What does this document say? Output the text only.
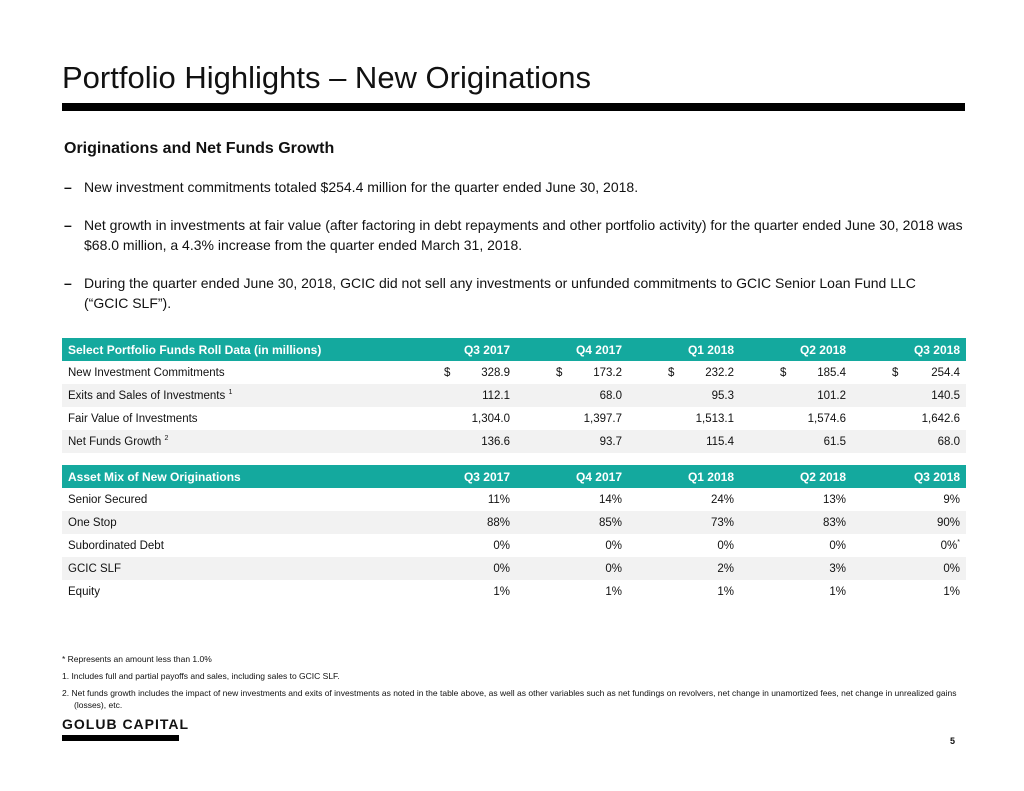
Portfolio Highlights – New Originations
Originations and Net Funds Growth
– New investment commitments totaled $254.4 million for the quarter ended June 30, 2018.
– Net growth in investments at fair value (after factoring in debt repayments and other portfolio activity) for the quarter ended June 30, 2018 was $68.0 million, a 4.3% increase from the quarter ended March 31, 2018.
– During the quarter ended June 30, 2018, GCIC did not sell any investments or unfunded commitments to GCIC Senior Loan Fund LLC (“GCIC SLF”).
Select Portfolio Funds Roll Data (in millions)	Q3 2017	Q4 2017	Q1 2018	Q2 2018	Q3 2018
New Investment Commitments	$ 328.9	$ 173.2	$ 232.2	$ 185.4	$ 254.4

Exits and Sales of Investments $^1$	112.1	68.0	95.3	101.2	140.5
Fair Value of Investments	1,304.0	1,397.7	1,513.1	1,574.6	1,642.6
Net Funds Growth $^2$	136.6	93.7	115.4	61.5	68.0
Asset Mix of New Originations	Q3 2017	Q4 2017	Q1 2018	Q2 2018	Q3 2018
Senior Secured	11%	14%	24%	13%	9%
One Stop	88%	85%	73%	83%	90%
Subordinated Debt	0%	0%	0%	0%	0%*
GCIC SLF	0%	0%	2%	3%	0%
Equity	1%	1%	1%	1%	1%
* Represents an amount less than 1.0%
1. Includes full and partial payoffs and sales, including sales to GCIC SLF.
2. Net funds growth includes the impact of new investments and exits of investments as noted in the table above, as well as other variables such as net fundings on revolvers, net change in unamortized fees, net change in unrealized gains (losses), etc.
GOLUB CAPITAL
5
